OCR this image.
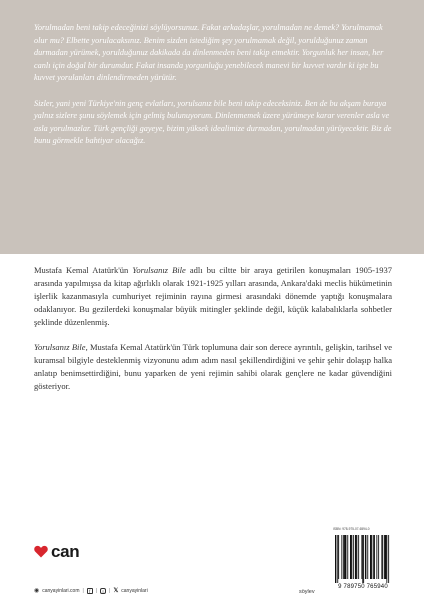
Yorulmadan beni takip edeceğinizi söylüyorsunuz. Fakat arkadaşlar, yorulmadan ne demek? Yorulmamak olur mu? Elbette yorulacaksınız. Benim sizden istediğim şey yorulmamak değil, yorulduğunuz zaman durmadan yürümek, yorulduğunuz dakikada da dinlenmeden beni takip etmektir. Yorgunluk her insan, her canlı için doğal bir durumdur. Fakat insanda yorgunluğu yenebilecek manevi bir kuvvet vardır ki işte bu kuvvet yorulanları dinlendirmeden yürütür.

Sizler, yani yeni Türkiye'nin genç evlatları, yorulsanız bile beni takip edeceksiniz. Ben de bu akşam buraya yalnız sizlere şunu söylemek için gelmiş bulunuyorum. Dinlenmemek üzere yürümeye karar verenler asla ve asla yorulmazlar. Türk gençliği gayeye, bizim yüksek idealimize durmadan, yorulmadan yürüyecektir. Biz de bunu görmekle bahtiyar olacağız.

Mustafa Kemal Atatürk'ün Yorulsanız Bile adlı bu ciltte bir araya getirilen konuşmaları 1905-1937 arasında yapılmışsa da kitap ağırlıklı olarak 1921-1925 yılları arasında, Ankara'daki meclis hükümetinin işlerlik kazanmasıyla cumhuriyet rejiminin rayına girmesi arasındaki dönemde yaptığı konuşmalara odaklanıyor. Bu gezilerdeki konuşmalar büyük mitingler şeklinde değil, küçük kalabalıklarla sohbetler şeklinde düzenlenmiş.

Yorulsanız Bile, Mustafa Kemal Atatürk'ün Türk toplumuna dair son derece ayrıntılı, gelişkin, tarihsel ve kuramsal bilgiyle desteklenmiş vizyonunu adım adım nasıl şekillendirdiğini ve şehir şehir dolaşıp halka anlatıp benimsettirdiğini, bunu yaparken de yeni rejimin sahibi olarak gençlere ne kadar güvendiğini gösteriyor.

can
◉ canyayinlari.com |	f	|	○ | 𝕏 canyayinlari	söylev
ISBN: 978-975-07-6594-0
9 789750 765940
